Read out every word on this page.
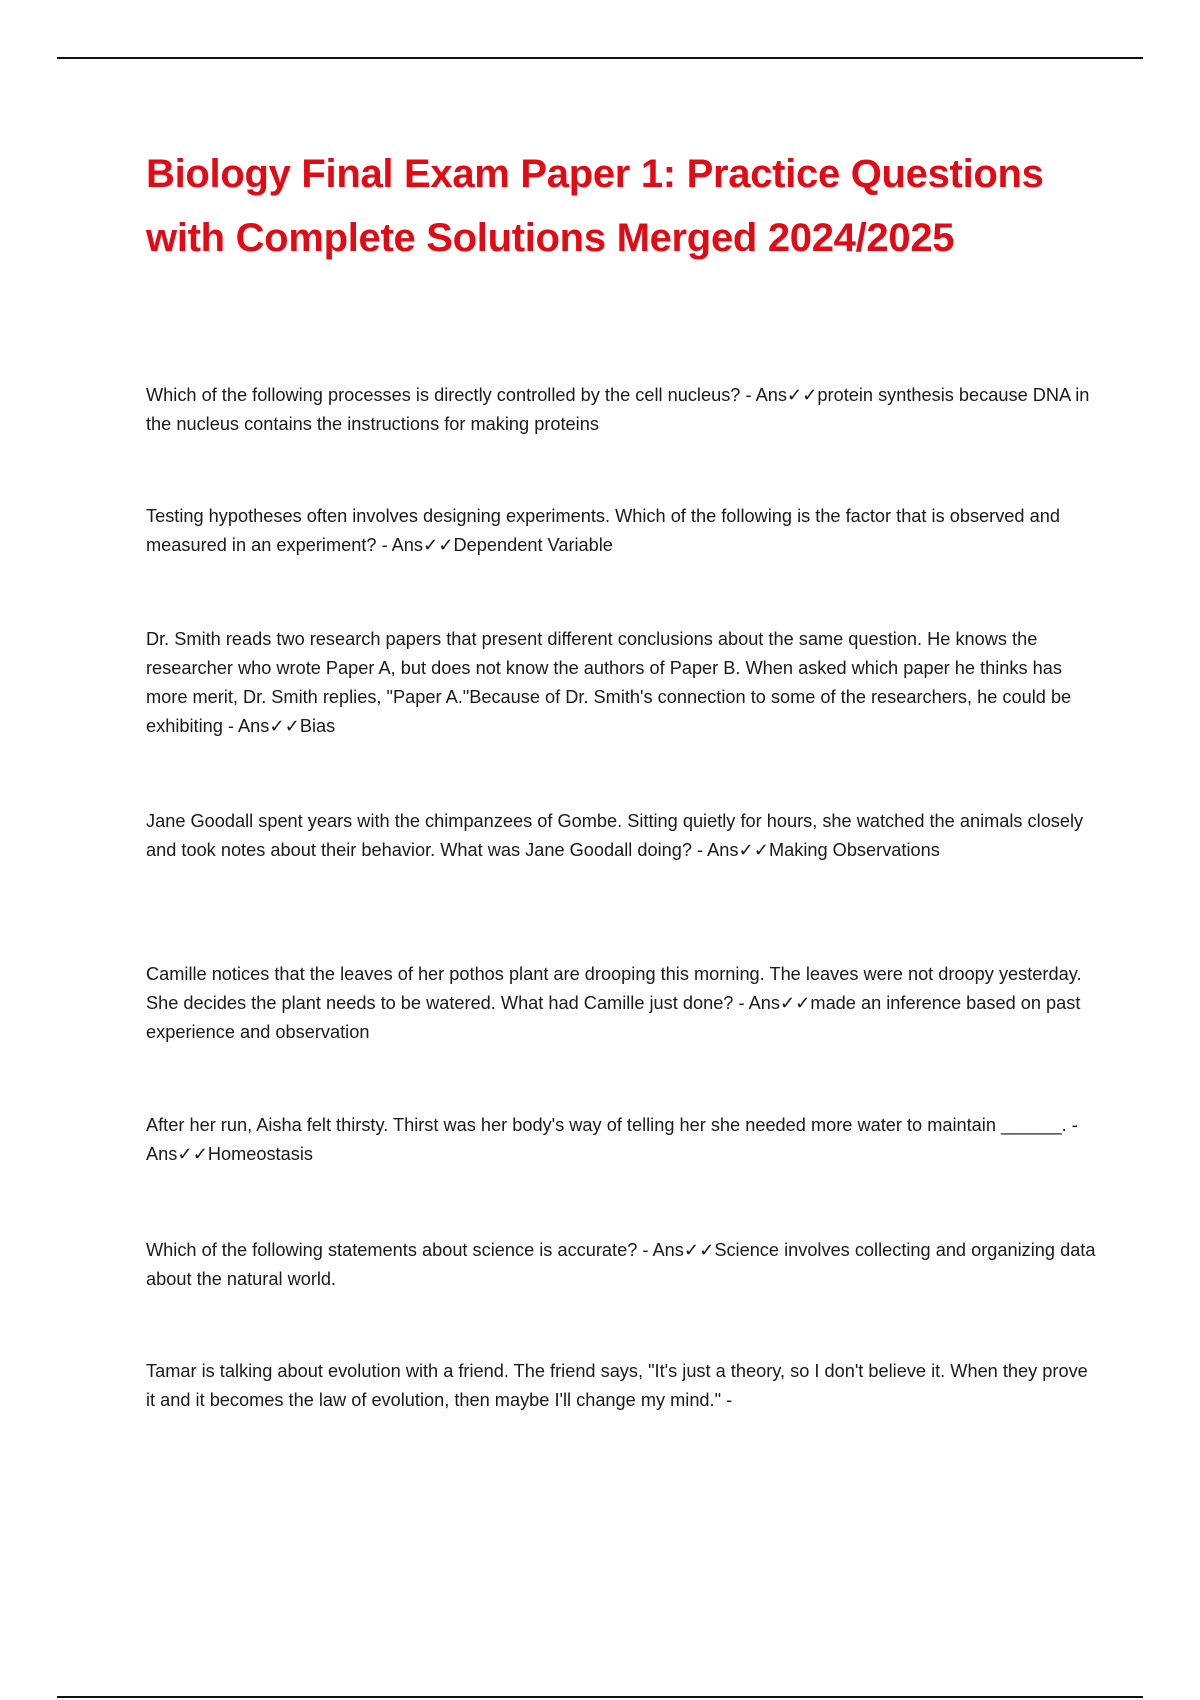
Biology Final Exam Paper 1: Practice Questions with Complete Solutions Merged 2024/2025

Which of the following processes is directly controlled by the cell nucleus? - Ans✓✓protein synthesis because DNA in the nucleus contains the instructions for making proteins

Testing hypotheses often involves designing experiments. Which of the following is the factor that is observed and measured in an experiment? - Ans✓✓Dependent Variable

Dr. Smith reads two research papers that present different conclusions about the same question. He knows the researcher who wrote Paper A, but does not know the authors of Paper B. When asked which paper he thinks has more merit, Dr. Smith replies, "Paper A."Because of Dr. Smith's connection to some of the researchers, he could be exhibiting - Ans✓✓Bias

Jane Goodall spent years with the chimpanzees of Gombe. Sitting quietly for hours, she watched the animals closely and took notes about their behavior. What was Jane Goodall doing? - Ans✓✓Making Observations

Camille notices that the leaves of her pothos plant are drooping this morning. The leaves were not droopy yesterday. She decides the plant needs to be watered. What had Camille just done? - Ans✓✓made an inference based on past experience and observation

After her run, Aisha felt thirsty. Thirst was her body's way of telling her she needed more water to maintain ______. - Ans✓✓Homeostasis

Which of the following statements about science is accurate? - Ans✓✓Science involves collecting and organizing data about the natural world.

Tamar is talking about evolution with a friend. The friend says, "It's just a theory, so I don't believe it. When they prove it and it becomes the law of evolution, then maybe I'll change my mind." -
